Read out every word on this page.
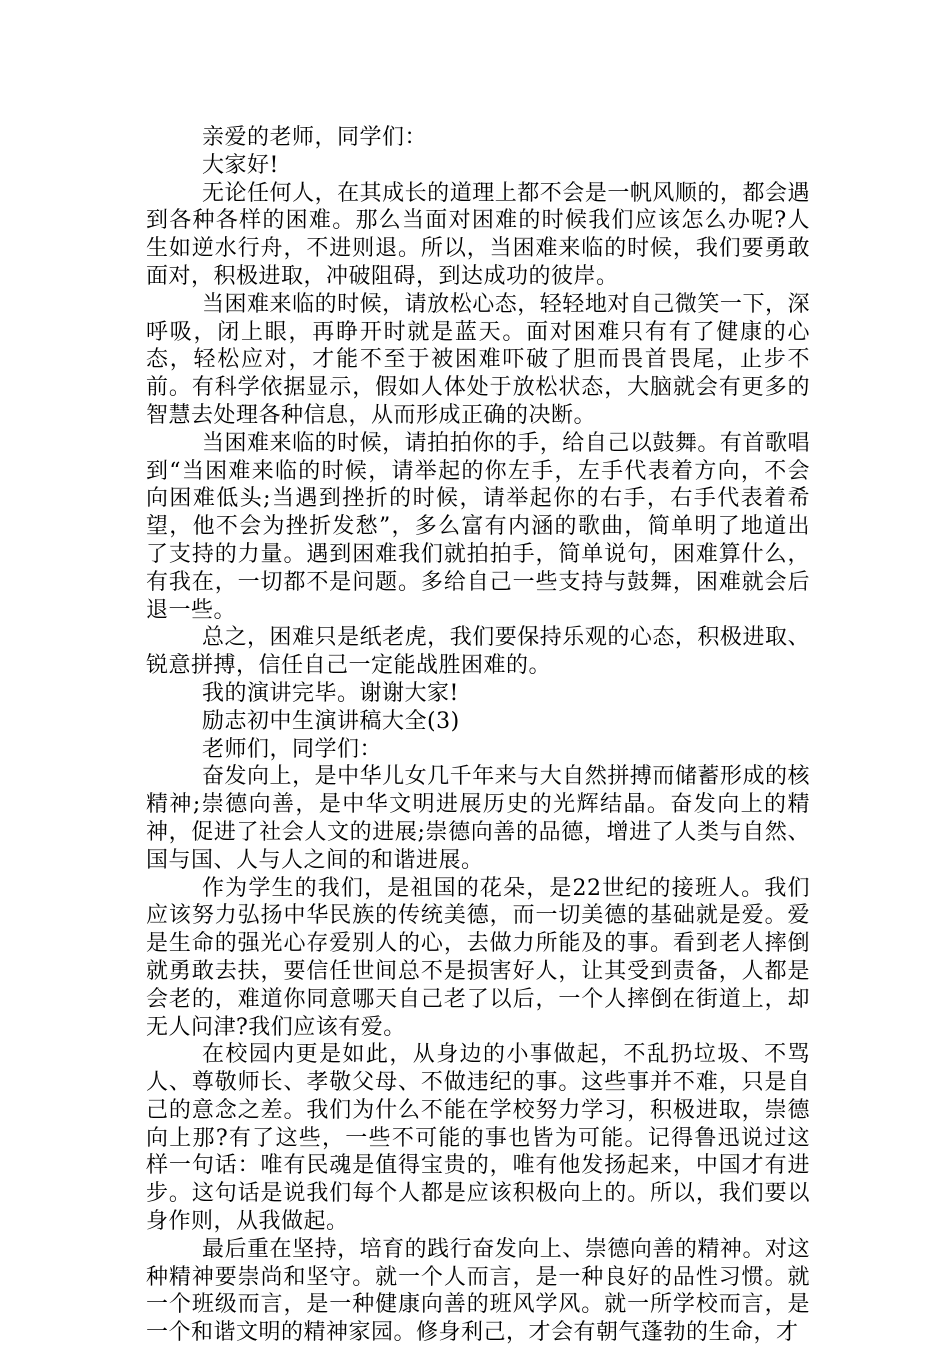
亲爱的老师，同学们：

大家好!

无论任何人，在其成长的道理上都不会是一帆风顺的，都会遇到各种各样的困难。那么当面对困难的时候我们应该怎么办呢?人生如逆水行舟，不进则退。所以，当困难来临的时候，我们要勇敢面对，积极进取，冲破阻碍，到达成功的彼岸。

当困难来临的时候，请放松心态，轻轻地对自己微笑一下，深呼吸，闭上眼，再睁开时就是蓝天。面对困难只有有了健康的心态，轻松应对，才能不至于被困难吓破了胆而畏首畏尾，止步不前。有科学依据显示，假如人体处于放松状态，大脑就会有更多的智慧去处理各种信息，从而形成正确的决断。

当困难来临的时候，请拍拍你的手，给自己以鼓舞。有首歌唱到“当困难来临的时候，请举起的你左手，左手代表着方向，不会向困难低头;当遇到挫折的时候，请举起你的右手，右手代表着希望，他不会为挫折发愁”，多么富有内涵的歌曲，简单明了地道出了支持的力量。遇到困难我们就拍拍手，简单说句，困难算什么，有我在，一切都不是问题。多给自己一些支持与鼓舞，困难就会后退一些。

总之，困难只是纸老虎，我们要保持乐观的心态，积极进取、锐意拼搏，信任自己一定能战胜困难的。

我的演讲完毕。谢谢大家!

励志初中生演讲稿大全(3)

老师们，同学们：

奋发向上，是中华儿女几千年来与大自然拼搏而储蓄形成的核精神;崇德向善，是中华文明进展历史的光辉结晶。奋发向上的精神，促进了社会人文的进展;崇德向善的品德，增进了人类与自然、国与国、人与人之间的和谐进展。

作为学生的我们，是祖国的花朵，是22世纪的接班人。我们应该努力弘扬中华民族的传统美德，而一切美德的基础就是爱。爱是生命的强光心存爱别人的心，去做力所能及的事。看到老人摔倒就勇敢去扶，要信任世间总不是损害好人，让其受到责备，人都是会老的，难道你同意哪天自己老了以后，一个人摔倒在街道上，却无人问津?我们应该有爱。

在校园内更是如此，从身边的小事做起，不乱扔垃圾、不骂人、尊敬师长、孝敬父母、不做违纪的事。这些事并不难，只是自己的意念之差。我们为什么不能在学校努力学习，积极进取，崇德向上那?有了这些，一些不可能的事也皆为可能。记得鲁迅说过这样一句话：唯有民魂是值得宝贵的，唯有他发扬起来，中国才有进步。这句话是说我们每个人都是应该积极向上的。所以，我们要以身作则，从我做起。

最后重在坚持，培育的践行奋发向上、崇德向善的精神。对这种精神要崇尚和坚守。就一个人而言，是一种良好的品性习惯。就一个班级而言，是一种健康向善的班风学风。就一所学校而言，是一个和谐文明的精神家园。修身利己，才会有朝气蓬勃的生命，才
